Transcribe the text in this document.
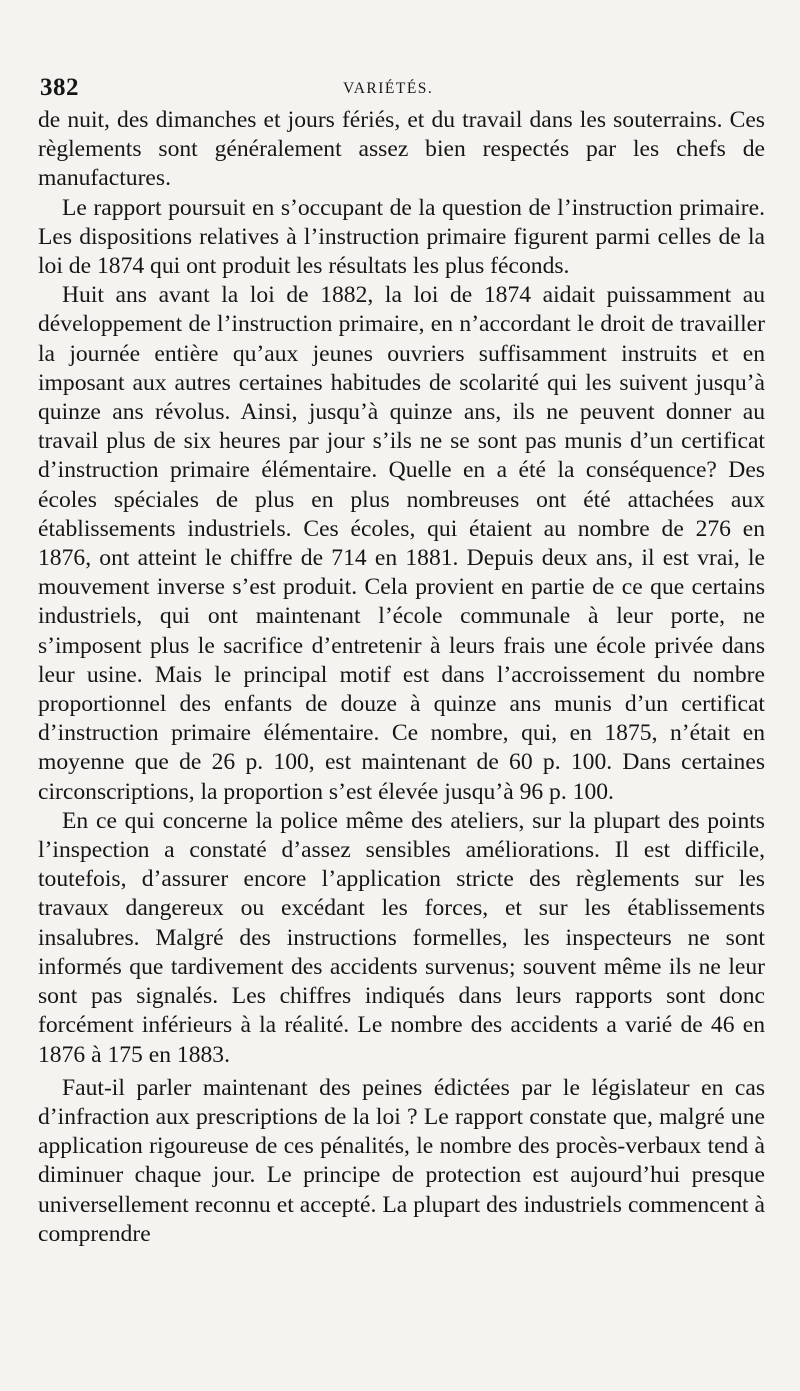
382	VARIÉTÉS.

de nuit, des dimanches et jours fériés, et du travail dans les souterrains. Ces règlements sont généralement assez bien respectés par les chefs de manufactures.

Le rapport poursuit en s’occupant de la question de l’instruction primaire. Les dispositions relatives à l’instruction primaire figurent parmi celles de la loi de 1874 qui ont produit les résultats les plus féconds.

Huit ans avant la loi de 1882, la loi de 1874 aidait puissamment au développement de l’instruction primaire, en n’accordant le droit de travailler la journée entière qu’aux jeunes ouvriers suffisamment instruits et en imposant aux autres certaines habitudes de scolarité qui les suivent jusqu’à quinze ans révolus. Ainsi, jusqu’à quinze ans, ils ne peuvent donner au travail plus de six heures par jour s’ils ne se sont pas munis d’un certificat d’instruction primaire élémentaire. Quelle en a été la conséquence? Des écoles spéciales de plus en plus nombreuses ont été attachées aux établissements industriels. Ces écoles, qui étaient au nombre de 276 en 1876, ont atteint le chiffre de 714 en 1881. Depuis deux ans, il est vrai, le mouvement inverse s’est produit. Cela provient en partie de ce que certains industriels, qui ont maintenant l’école communale à leur porte, ne s’imposent plus le sacrifice d’entretenir à leurs frais une école privée dans leur usine. Mais le principal motif est dans l’accroissement du nombre proportionnel des enfants de douze à quinze ans munis d’un certificat d’instruction primaire élémentaire. Ce nombre, qui, en 1875, n’était en moyenne que de 26 p. 100, est maintenant de 60 p. 100. Dans certaines circonscriptions, la proportion s’est élevée jusqu’à 96 p. 100.

En ce qui concerne la police même des ateliers, sur la plupart des points l’inspection a constaté d’assez sensibles améliorations. Il est difficile, toutefois, d’assurer encore l’application stricte des règlements sur les travaux dangereux ou excédant les forces, et sur les établissements insalubres. Malgré des instructions formelles, les inspecteurs ne sont informés que tardivement des accidents survenus; souvent même ils ne leur sont pas signalés. Les chiffres indiqués dans leurs rapports sont donc forcément inférieurs à la réalité. Le nombre des accidents a varié de 46 en 1876 à 175 en 1883.

Faut-il parler maintenant des peines édictées par le législateur en cas d’infraction aux prescriptions de la loi ? Le rapport constate que, malgré une application rigoureuse de ces pénalités, le nombre des procès-verbaux tend à diminuer chaque jour. Le principe de protection est aujourd’hui presque universellement reconnu et accepté. La plupart des industriels commencent à comprendre
